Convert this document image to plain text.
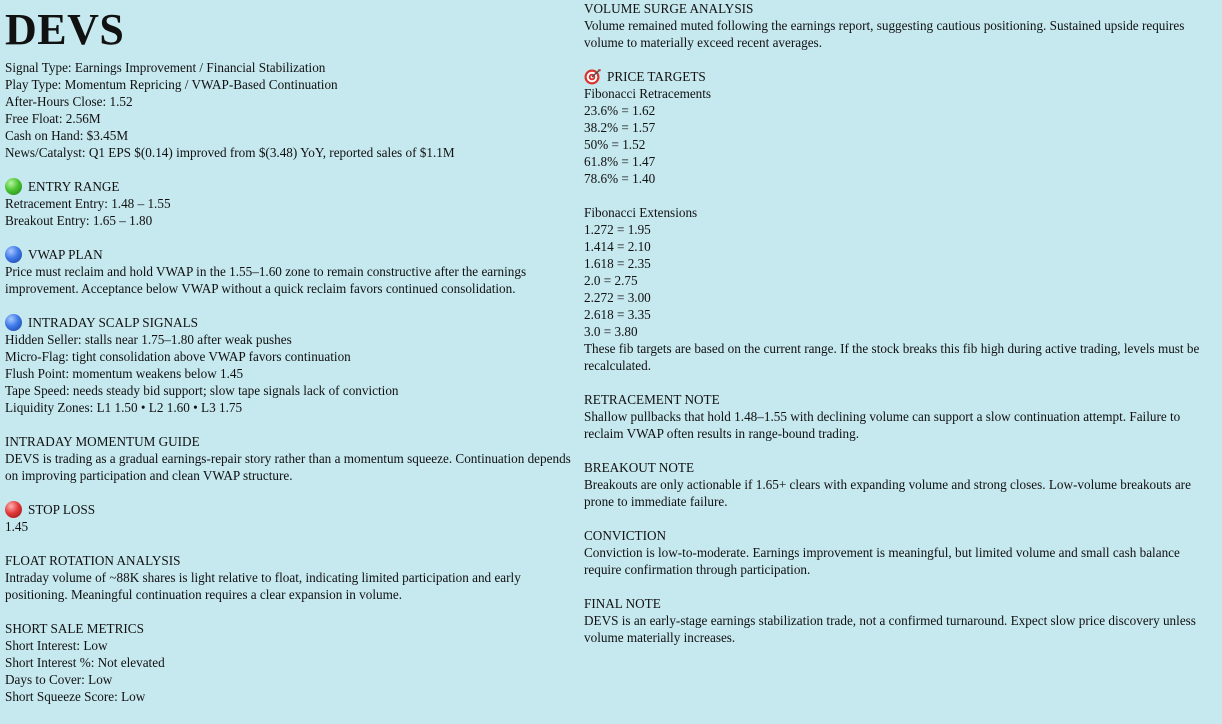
DEVS
Signal Type: Earnings Improvement / Financial Stabilization
Play Type: Momentum Repricing / VWAP-Based Continuation
After-Hours Close: 1.52
Free Float: 2.56M
Cash on Hand: $3.45M
News/Catalyst: Q1 EPS $(0.14) improved from $(3.48) YoY, reported sales of $1.1M
ENTRY RANGE
Retracement Entry: 1.48 – 1.55
Breakout Entry: 1.65 – 1.80
VWAP PLAN
Price must reclaim and hold VWAP in the 1.55–1.60 zone to remain constructive after the earnings improvement. Acceptance below VWAP without a quick reclaim favors continued consolidation.
INTRADAY SCALP SIGNALS
Hidden Seller: stalls near 1.75–1.80 after weak pushes
Micro-Flag: tight consolidation above VWAP favors continuation
Flush Point: momentum weakens below 1.45
Tape Speed: needs steady bid support; slow tape signals lack of conviction
Liquidity Zones: L1 1.50 • L2 1.60 • L3 1.75
INTRADAY MOMENTUM GUIDE
DEVS is trading as a gradual earnings-repair story rather than a momentum squeeze. Continuation depends on improving participation and clean VWAP structure.
STOP LOSS
1.45
FLOAT ROTATION ANALYSIS
Intraday volume of ~88K shares is light relative to float, indicating limited participation and early positioning. Meaningful continuation requires a clear expansion in volume.
SHORT SALE METRICS
Short Interest: Low
Short Interest %: Not elevated
Days to Cover: Low
Short Squeeze Score: Low
VOLUME SURGE ANALYSIS
Volume remained muted following the earnings report, suggesting cautious positioning. Sustained upside requires volume to materially exceed recent averages.
PRICE TARGETS
Fibonacci Retracements
23.6% = 1.62
38.2% = 1.57
50% = 1.52
61.8% = 1.47
78.6% = 1.40
Fibonacci Extensions
1.272 = 1.95
1.414 = 2.10
1.618 = 2.35
2.0 = 2.75
2.272 = 3.00
2.618 = 3.35
3.0 = 3.80
These fib targets are based on the current range. If the stock breaks this fib high during active trading, levels must be recalculated.
RETRACEMENT NOTE
Shallow pullbacks that hold 1.48–1.55 with declining volume can support a slow continuation attempt. Failure to reclaim VWAP often results in range-bound trading.
BREAKOUT NOTE
Breakouts are only actionable if 1.65+ clears with expanding volume and strong closes. Low-volume breakouts are prone to immediate failure.
CONVICTION
Conviction is low-to-moderate. Earnings improvement is meaningful, but limited volume and small cash balance require confirmation through participation.
FINAL NOTE
DEVS is an early-stage earnings stabilization trade, not a confirmed turnaround. Expect slow price discovery unless volume materially increases.
